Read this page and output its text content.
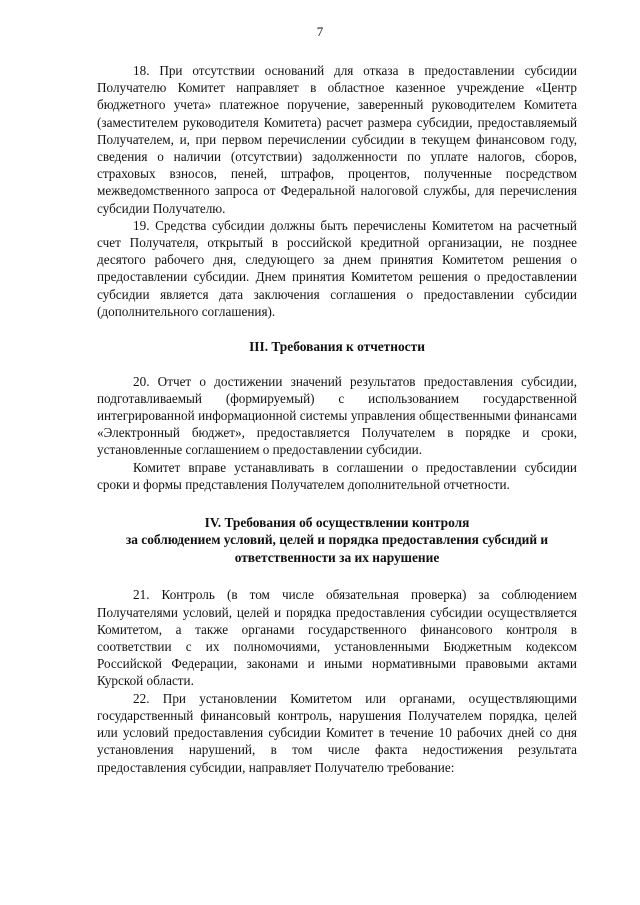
7

18. При отсутствии оснований для отказа в предоставлении субсидии Получателю Комитет направляет в областное казенное учреждение «Центр бюджетного учета» платежное поручение, заверенный руководителем Комитета (заместителем руководителя Комитета) расчет размера субсидии, предоставляемый Получателем, и, при первом перечислении субсидии в текущем финансовом году, сведения о наличии (отсутствии) задолженности по уплате налогов, сборов, страховых взносов, пеней, штрафов, процентов, полученные посредством межведомственного запроса от Федеральной налоговой службы, для перечисления субсидии Получателю.

19. Средства субсидии должны быть перечислены Комитетом на расчетный счет Получателя, открытый в российской кредитной организации, не позднее десятого рабочего дня, следующего за днем принятия Комитетом решения о предоставлении субсидии. Днем принятия Комитетом решения о предоставлении субсидии является дата заключения соглашения о предоставлении субсидии (дополнительного соглашения).

III. Требования к отчетности

20. Отчет о достижении значений результатов предоставления субсидии, подготавливаемый (формируемый) с использованием государственной интегрированной информационной системы управления общественными финансами «Электронный бюджет», предоставляется Получателем в порядке и сроки, установленные соглашением о предоставлении субсидии.

Комитет вправе устанавливать в соглашении о предоставлении субсидии сроки и формы представления Получателем дополнительной отчетности.

IV. Требования об осуществлении контроля
за соблюдением условий, целей и порядка предоставления субсидий и
ответственности за их нарушение

21. Контроль (в том числе обязательная проверка) за соблюдением Получателями условий, целей и порядка предоставления субсидии осуществляется Комитетом, а также органами государственного финансового контроля в соответствии с их полномочиями, установленными Бюджетным кодексом Российской Федерации, законами и иными нормативными правовыми актами Курской области.

22. При установлении Комитетом или органами, осуществляющими государственный финансовый контроль, нарушения Получателем порядка, целей или условий предоставления субсидии Комитет в течение 10 рабочих дней со дня установления нарушений, в том числе факта недостижения результата предоставления субсидии, направляет Получателю требование:
